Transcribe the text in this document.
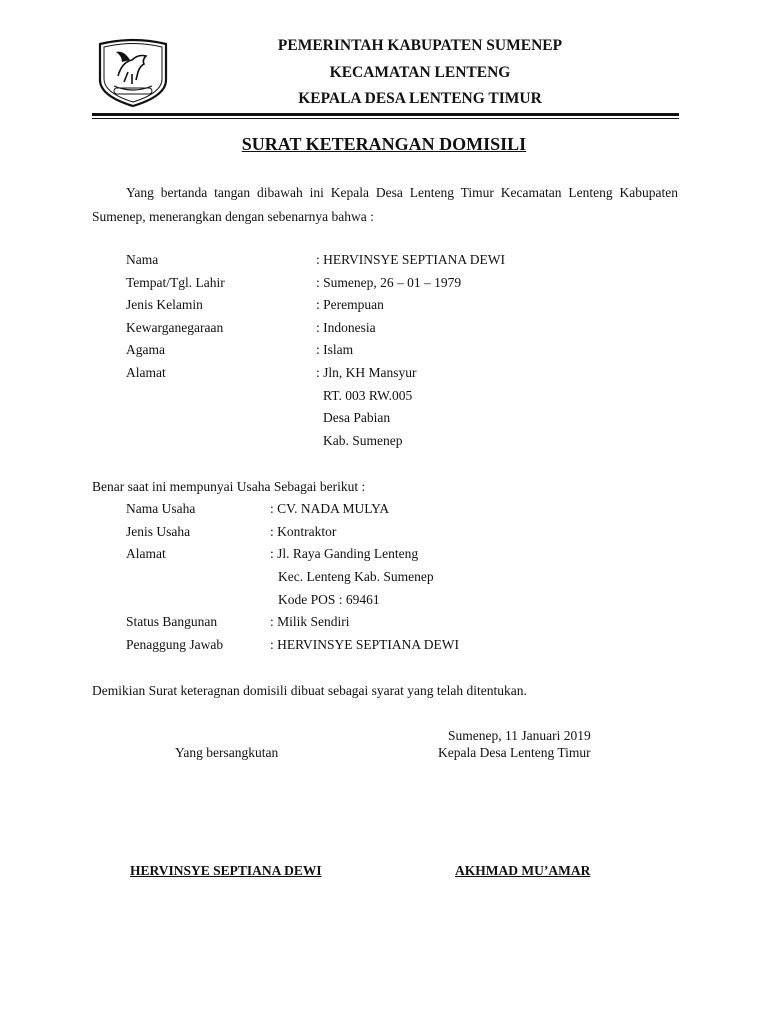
PEMERINTAH KABUPATEN SUMENEP
KECAMATAN LENTENG
KEPALA DESA LENTENG TIMUR
SURAT KETERANGAN DOMISILI
Yang bertanda tangan dibawah ini Kepala Desa Lenteng Timur Kecamatan Lenteng Kabupaten Sumenep, menerangkan dengan sebenarnya bahwa :
Nama	: HERVINSYE SEPTIANA DEWI
Tempat/Tgl. Lahir	: Sumenep, 26 – 01 – 1979
Jenis Kelamin	: Perempuan
Kewarganegaraan	: Indonesia
Agama	: Islam
Alamat	: Jln, KH Mansyur
RT. 003 RW.005
Desa Pabian
Kab. Sumenep
Benar saat ini mempunyai Usaha Sebagai berikut :
Nama Usaha	: CV. NADA MULYA
Jenis Usaha	: Kontraktor
Alamat	: Jl. Raya Ganding Lenteng
Kec. Lenteng Kab. Sumenep
Kode POS : 69461
Status Bangunan	: Milik Sendiri
Penaggung Jawab	: HERVINSYE SEPTIANA DEWI
Demikian Surat keteragnan domisili dibuat sebagai syarat yang telah ditentukan.
Sumenep, 11 Januari 2019
Yang bersangkutan	Kepala Desa Lenteng Timur
HERVINSYE SEPTIANA DEWI	AKHMAD MU’AMAR
